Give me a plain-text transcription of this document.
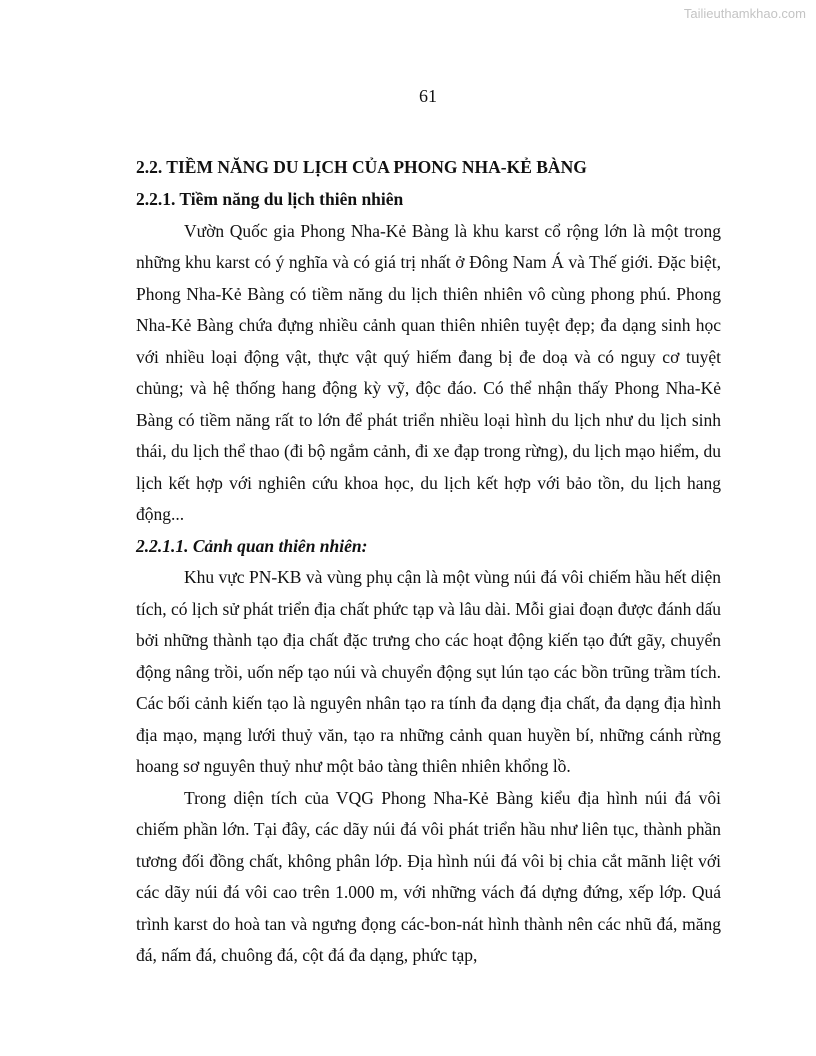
Tailieuthamkhao.com
61
2.2. TIỀM NĂNG DU LỊCH CỦA PHONG NHA-KẺ BÀNG
2.2.1. Tiềm năng du lịch thiên nhiên

Vườn Quốc gia Phong Nha-Kẻ Bàng là khu karst cổ rộng lớn là một trong những khu karst có ý nghĩa và có giá trị nhất ở Đông Nam Á và Thế giới. Đặc biệt, Phong Nha-Kẻ Bàng có tiềm năng du lịch thiên nhiên vô cùng phong phú. Phong Nha-Kẻ Bàng chứa đựng nhiều cảnh quan thiên nhiên tuyệt đẹp; đa dạng sinh học với nhiều loại động vật, thực vật quý hiếm đang bị đe doạ và có nguy cơ tuyệt chủng; và hệ thống hang động kỳ vỹ, độc đáo. Có thể nhận thấy Phong Nha-Kẻ Bàng có tiềm năng rất to lớn để phát triển nhiều loại hình du lịch như du lịch sinh thái, du lịch thể thao (đi bộ ngắm cảnh, đi xe đạp trong rừng), du lịch mạo hiểm, du lịch kết hợp với nghiên cứu khoa học, du lịch kết hợp với bảo tồn, du lịch hang động...

2.2.1.1. Cảnh quan thiên nhiên:

Khu vực PN-KB và vùng phụ cận là một vùng núi đá vôi chiếm hầu hết diện tích, có lịch sử phát triển địa chất phức tạp và lâu dài. Mỗi giai đoạn được đánh dấu bởi những thành tạo địa chất đặc trưng cho các hoạt động kiến tạo đứt gãy, chuyển động nâng trồi, uốn nếp tạo núi và chuyển động sụt lún tạo các bồn trũng trầm tích. Các bối cảnh kiến tạo là nguyên nhân tạo ra tính đa dạng địa chất, đa dạng địa hình địa mạo, mạng lưới thuỷ văn, tạo ra những cảnh quan huyền bí, những cánh rừng hoang sơ nguyên thuỷ như một bảo tàng thiên nhiên khổng lồ.

Trong diện tích của VQG Phong Nha-Kẻ Bàng kiểu địa hình núi đá vôi chiếm phần lớn. Tại đây, các dãy núi đá vôi phát triển hầu như liên tục, thành phần tương đối đồng chất, không phân lớp. Địa hình núi đá vôi bị chia cắt mãnh liệt với các dãy núi đá vôi cao trên 1.000 m, với những vách đá dựng đứng, xếp lớp. Quá trình karst do hoà tan và ngưng đọng các-bon-nát hình thành nên các nhũ đá, măng đá, nấm đá, chuông đá, cột đá đa dạng, phức tạp,
